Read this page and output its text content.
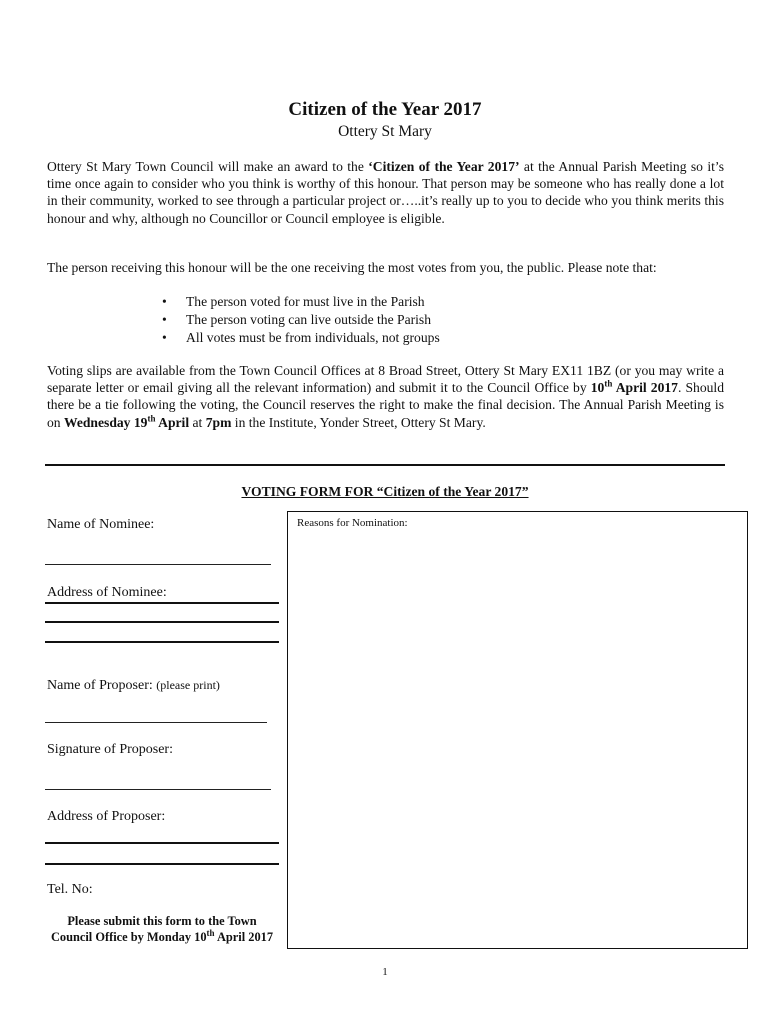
Citizen of the Year 2017
Ottery St Mary
Ottery St Mary Town Council will make an award to the ‘Citizen of the Year 2017’ at the Annual Parish Meeting so it’s time once again to consider who you think is worthy of this honour. That person may be someone who has really done a lot in their community, worked to see through a particular project or…..it’s really up to you to decide who you think merits this honour and why, although no Councillor or Council employee is eligible.
The person receiving this honour will be the one receiving the most votes from you, the public. Please note that:
• The person voted for must live in the Parish
• The person voting can live outside the Parish
• All votes must be from individuals, not groups
Voting slips are available from the Town Council Offices at 8 Broad Street, Ottery St Mary EX11 1BZ (or you may write a separate letter or email giving all the relevant information) and submit it to the Council Office by 10th April 2017. Should there be a tie following the voting, the Council reserves the right to make the final decision. The Annual Parish Meeting is on Wednesday 19th April at 7pm in the Institute, Yonder Street, Ottery St Mary.
VOTING FORM FOR “Citizen of the Year 2017”
Name of Nominee:
Address of Nominee:
Name of Proposer: (please print)
Signature of Proposer:
Address of Proposer:
Tel. No:
Reasons for Nomination:
Please submit this form to the Town Council Office by Monday 10th April 2017
1
